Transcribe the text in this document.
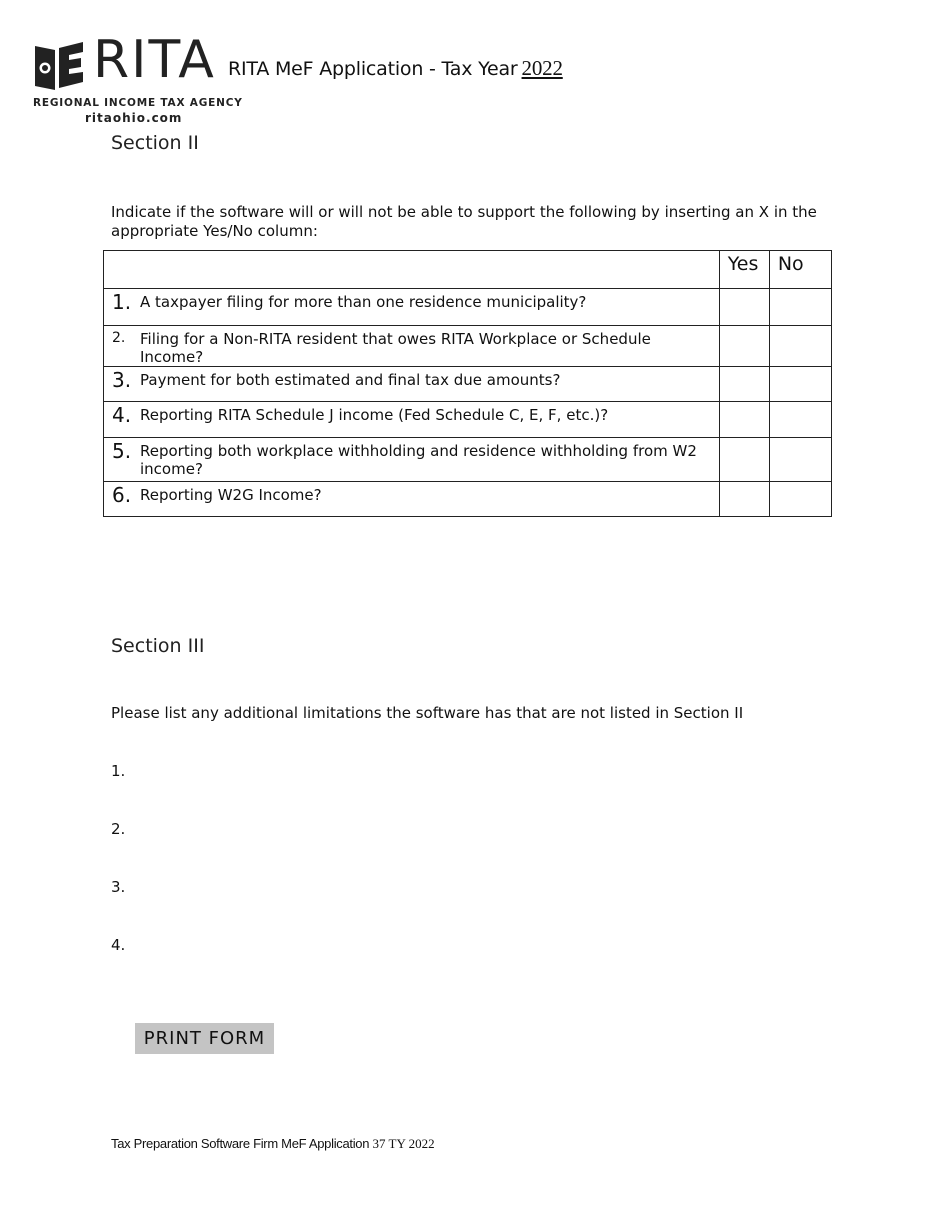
RITA
REGIONAL INCOME TAX AGENCY
ritaohio.com
RITA MeF Application - Tax Year 2022
Section II
Indicate if the software will or will not be able to support the following by inserting an X in the appropriate Yes/No column:
	Yes	No

1. A taxpayer filing for more than one residence municipality?		

2. Filing for a Non-RITA resident that owes RITA Workplace or Schedule Income?		

3. Payment for both estimated and final tax due amounts?		

4. Reporting RITA Schedule J income (Fed Schedule C, E, F, etc.)?		

5. Reporting both workplace withholding and residence withholding from W2 income?		

6. Reporting W2G Income?		
Section III
Please list any additional limitations the software has that are not listed in Section II
1.
2.
3.
4.
PRINT FORM
Tax Preparation Software Firm MeF Application 37 TY 2022
